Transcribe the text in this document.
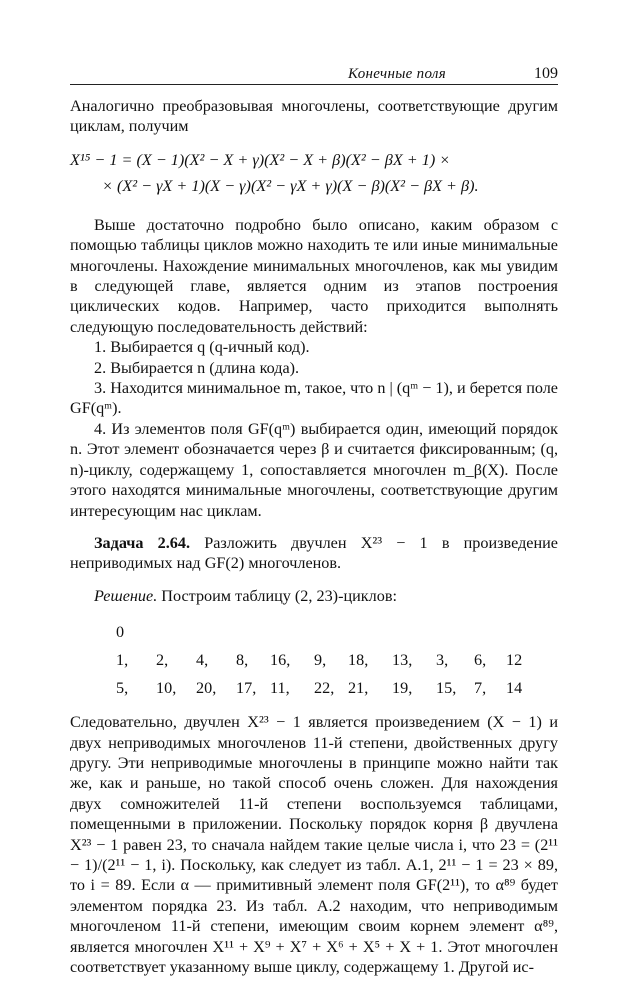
Конечные поля	109

Аналогично преобразовывая многочлены, соответствующие другим циклам, получим

X¹⁵ − 1 = (X − 1)(X² − X + γ)(X² − X + β)(X² − βX + 1) ×
× (X² − γX + 1)(X − γ)(X² − γX + γ)(X − β)(X² − βX + β).

Выше достаточно подробно было описано, каким образом с помощью таблицы циклов можно находить те или иные минимальные многочлены. Нахождение минимальных многочленов, как мы увидим в следующей главе, является одним из этапов построения циклических кодов. Например, часто приходится выполнять следующую последовательность действий:

1. Выбирается q (q-ичный код).

2. Выбирается n (длина кода).

3. Находится минимальное m, такое, что n | (qᵐ − 1), и берется поле GF(qᵐ).

4. Из элементов поля GF(qᵐ) выбирается один, имеющий порядок n. Этот элемент обозначается через β и считается фиксированным; (q, n)-циклу, содержащему 1, сопоставляется многочлен m_β(X). После этого находятся минимальные многочлены, соответствующие другим интересующим нас циклам.

Задача 2.64. Разложить двучлен X²³ − 1 в произведение неприводимых над GF(2) многочленов.

Решение. Построим таблицу (2, 23)-циклов:

0
1,	2,	4,	8,	16,	9,	18,	13,	3,	6,	12
5,	10,	20,	17, 11,	22, 21,	19,	15,	7,	14

Следовательно, двучлен X²³ − 1 является произведением (X − 1) и двух неприводимых многочленов 11-й степени, двойственных другу другу. Эти неприводимые многочлены в принципе можно найти так же, как и раньше, но такой способ очень сложен. Для нахождения двух сомножителей 11-й степени воспользуемся таблицами, помещенными в приложении. Поскольку порядок корня β двучлена X²³ − 1 равен 23, то сначала найдем такие целые числа i, что 23 = (2¹¹ − 1)/(2¹¹ − 1, i). Поскольку, как следует из табл. А.1, 2¹¹ − 1 = 23 × 89, то i = 89. Если α — примитивный элемент поля GF(2¹¹), то α⁸⁹ будет элементом порядка 23. Из табл. А.2 находим, что неприводимым многочленом 11-й степени, имеющим своим корнем элемент α⁸⁹, является многочлен X¹¹ + X⁹ + X⁷ + X⁶ + X⁵ + X + 1. Этот многочлен соответствует указанному выше циклу, содержащему 1. Другой ис-
